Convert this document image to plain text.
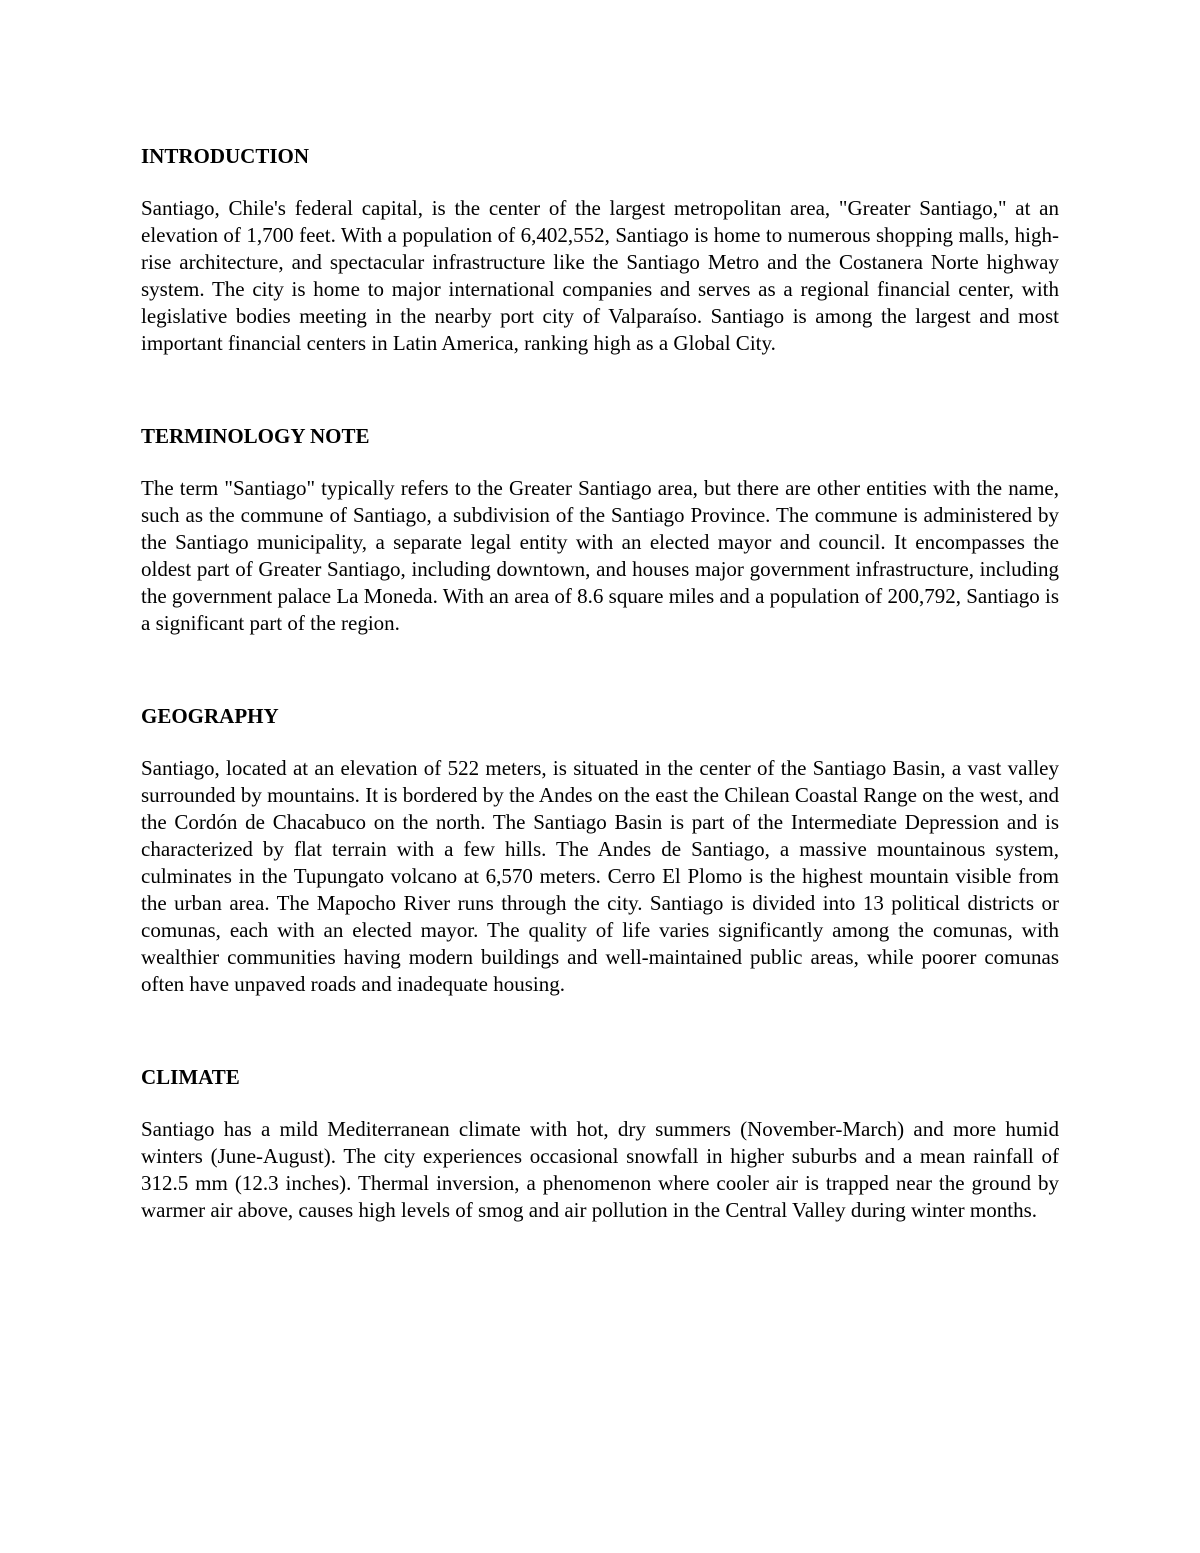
INTRODUCTION

Santiago, Chile's federal capital, is the center of the largest metropolitan area, "Greater Santiago," at an elevation of 1,700 feet. With a population of 6,402,552, Santiago is home to numerous shopping malls, high-rise architecture, and spectacular infrastructure like the Santiago Metro and the Costanera Norte highway system. The city is home to major international companies and serves as a regional financial center, with legislative bodies meeting in the nearby port city of Valparaíso. Santiago is among the largest and most important financial centers in Latin America, ranking high as a Global City.

TERMINOLOGY NOTE

The term "Santiago" typically refers to the Greater Santiago area, but there are other entities with the name, such as the commune of Santiago, a subdivision of the Santiago Province. The commune is administered by the Santiago municipality, a separate legal entity with an elected mayor and council. It encompasses the oldest part of Greater Santiago, including downtown, and houses major government infrastructure, including the government palace La Moneda. With an area of 8.6 square miles and a population of 200,792, Santiago is a significant part of the region.

GEOGRAPHY

Santiago, located at an elevation of 522 meters, is situated in the center of the Santiago Basin, a vast valley surrounded by mountains. It is bordered by the Andes on the east the Chilean Coastal Range on the west, and the Cordón de Chacabuco on the north. The Santiago Basin is part of the Intermediate Depression and is characterized by flat terrain with a few hills. The Andes de Santiago, a massive mountainous system, culminates in the Tupungato volcano at 6,570 meters. Cerro El Plomo is the highest mountain visible from the urban area. The Mapocho River runs through the city. Santiago is divided into 13 political districts or comunas, each with an elected mayor. The quality of life varies significantly among the comunas, with wealthier communities having modern buildings and well-maintained public areas, while poorer comunas often have unpaved roads and inadequate housing.

CLIMATE

Santiago has a mild Mediterranean climate with hot, dry summers (November-March) and more humid winters (June-August). The city experiences occasional snowfall in higher suburbs and a mean rainfall of 312.5 mm (12.3 inches). Thermal inversion, a phenomenon where cooler air is trapped near the ground by warmer air above, causes high levels of smog and air pollution in the Central Valley during winter months.
